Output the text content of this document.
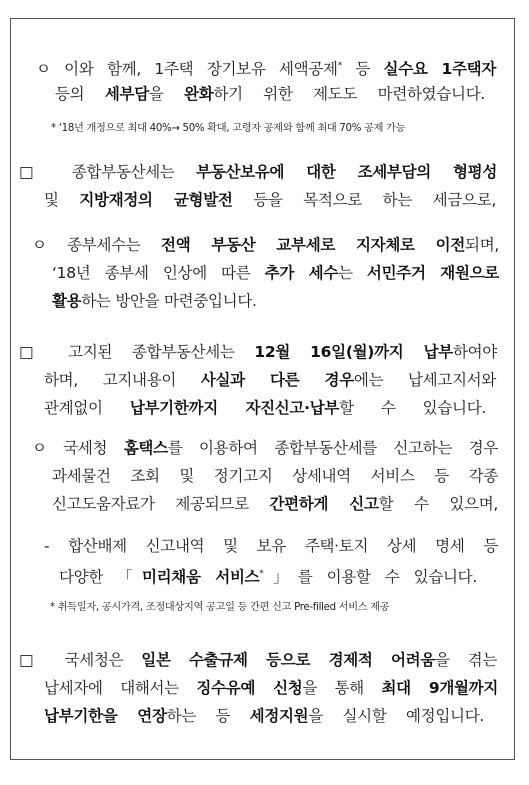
ㅇ 이와 함께, 1주택 장기보유 세액공제* 등 실수요 1주택자
등의 세부담을 완화하기 위한 제도도 마련하였습니다.
* ‘18년 개정으로 최대 40%→ 50% 확대, 고령자 공제와 함께 최대 70% 공제 가능
□ 종합부동산세는 부동산보유에 대한 조세부담의 형평성
및 지방재정의 균형발전 등을 목적으로 하는 세금으로,
ㅇ 종부세수는 전액 부동산 교부세로 지자체로 이전되며,
‘18년 종부세 인상에 따른 추가 세수는 서민주거 재원으로
활용하는 방안을 마련중입니다.
□ 고지된 종합부동산세는 12월 16일(월)까지 납부하여야
하며, 고지내용이 사실과 다른 경우에는 납세고지서와
관계없이 납부기한까지 자진신고·납부할 수 있습니다.
ㅇ 국세청 홈택스를 이용하여 종합부동산세를 신고하는 경우
과세물건 조회 및 정기고지 상세내역 서비스 등 각종
신고도움자료가 제공되므로 간편하게 신고할 수 있으며,
- 합산배제 신고내역 및 보유 주택·토지 상세 명세 등
다양한 「미리채움 서비스*」를 이용할 수 있습니다.
* 취득일자, 공시가격, 조정대상지역 공고일 등 간편 신고 Pre-filled 서비스 제공
□ 국세청은 일본 수출규제 등으로 경제적 어려움을 겪는
납세자에 대해서는 징수유예 신청을 통해 최대 9개월까지
납부기한을 연장하는 등 세정지원을 실시할 예정입니다.
